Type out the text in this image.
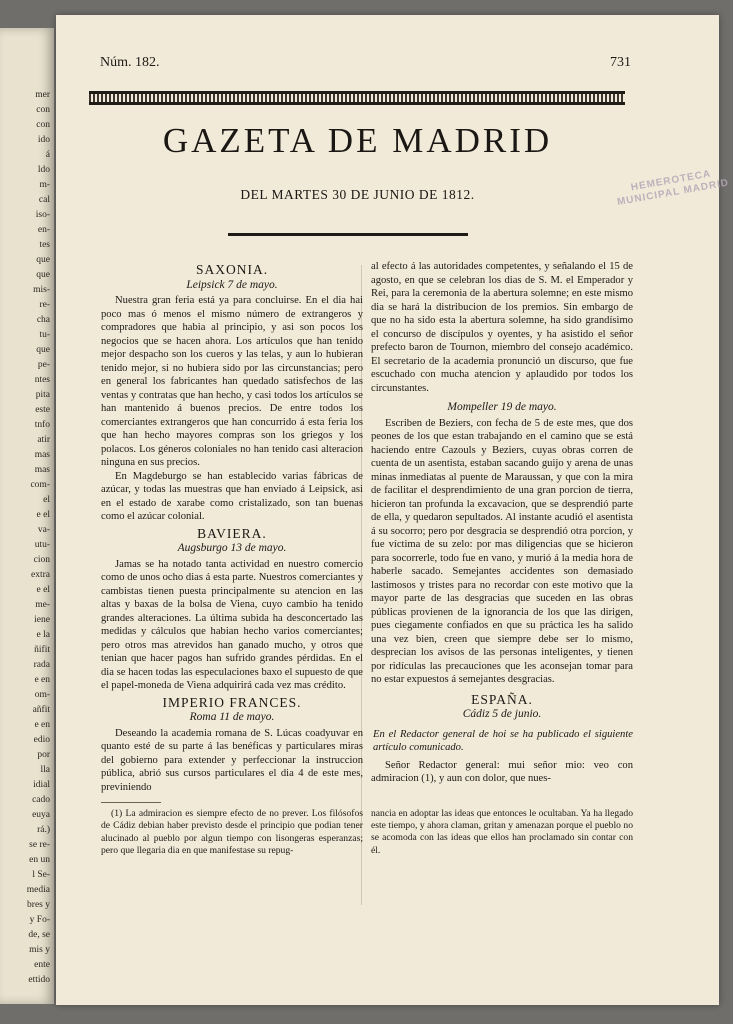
mer
con
con
ido
á
ldo
m-
cal
iso-
en-
tes
que
que
mis-
re-
cha
tu-
que
pe-
ntes
pita
este
tnfo
atir
mas
mas
com-
el
e el
va-
utu-
cion
extra
e el
me-
iene
e la
ñifit
rada
e en
om-
añfit
e en
edio
por
lla
idial
cado
euya
rá.)
se re-
en un
l Se-
media
bres y
y Fo-
de, se
mis y
ente
ettido
Núm. 182.	731
GAZETA DE MADRID
DEL MARTES 30 DE JUNIO DE 1812.
HEMEROTECA MUNICIPAL MADRID
SAXONIA.
Leipsick 7 de mayo.

Nuestra gran feria está ya para concluirse. En el dia hai poco mas ó menos el mismo número de extrangeros y compradores que habia al principio, y asi son pocos los negocios que se hacen ahora. Los artículos que han tenido mejor despacho son los cueros y las telas, y aun lo hubieran tenido mejor, si no hubiera sido por las circunstancias; pero en general los fabricantes han quedado satisfechos de las ventas y contratas que han hecho, y casi todos los artículos se han mantenido á buenos precios. De entre todos los comerciantes extrangeros que han concurrido á esta feria los que han hecho mayores compras son los griegos y los polacos. Los géneros coloniales no han tenido casi alteracion ninguna en sus precios.

En Magdeburgo se han establecido varias fábricas de azúcar, y todas las muestras que han enviado á Leipsick, asi en el estado de xarabe como cristalizado, son tan buenas como el azúcar colonial.

BAVIERA.
Augsburgo 13 de mayo.

Jamas se ha notado tanta actividad en nuestro comercio como de unos ocho dias á esta parte. Nuestros comerciantes y cambistas tienen puesta principalmente su atencion en las altas y baxas de la bolsa de Viena, cuyo cambio ha tenido grandes alteraciones. La última subida ha desconcertado las medidas y cálculos que habian hecho varios comerciantes; pero otros mas atrevidos han ganado mucho, y otros que tenian que hacer pagos han sufrido grandes pérdidas. En el dia se hacen todas las especulaciones baxo el supuesto de que el papel-moneda de Viena adquirirá cada vez mas crédito.

IMPERIO FRANCES.
Roma 11 de mayo.

Deseando la academia romana de S. Lúcas coadyuvar en quanto esté de su parte á las benéficas y particulares miras del gobierno para extender y perfeccionar la instruccion pública, abrió sus cursos particulares el dia 4 de este mes, previniendo

(1) La admiracion es siempre efecto de no prever. Los filósofos de Cádiz debian haber previsto desde el principio que podian tener alucinado al pueblo por algun tiempo con lisongeras esperanzas; pero que llegaria dia en que manifestase su repug-

al efecto á las autoridades competentes, y señalando el 15 de agosto, en que se celebran los dias de S. M. el Emperador y Rei, para la ceremonia de la abertura solemne; en este mismo dia se hará la distribucion de los premios. Sin embargo de que no ha sido esta la abertura solemne, ha sido grandísimo el concurso de discípulos y oyentes, y ha asistido el señor prefecto baron de Tournon, miembro del consejo académico. El secretario de la academia pronunció un discurso, que fue escuchado con mucha atencion y aplaudido por todos los circunstantes.

Mompeller 19 de mayo.

Escriben de Beziers, con fecha de 5 de este mes, que dos peones de los que estan trabajando en el camino que se está haciendo entre Cazouls y Beziers, cuyas obras corren de cuenta de un asentista, estaban sacando guijo y arena de unas minas inmediatas al puente de Maraussan, y que con la mira de facilitar el desprendimiento de una gran porcion de tierra, hicieron tan profunda la excavacion, que se desprendió parte de ella, y quedaron sepultados. Al instante acudió el asentista á su socorro; pero por desgracia se desprendió otra porcion, y fue víctima de su zelo: por mas diligencias que se hicieron para socorrerle, todo fue en vano, y murió á la media hora de haberle sacado. Semejantes accidentes son demasiado lastimosos y tristes para no recordar con este motivo que la mayor parte de las desgracias que suceden en las obras públicas provienen de la ignorancia de los que las dirigen, pues ciegamente confiados en que su práctica les ha salido una vez bien, creen que siempre debe ser lo mismo, desprecian los avisos de las personas inteligentes, y tienen por ridículas las precauciones que les aconsejan tomar para no estar expuestos á semejantes desgracias.

ESPAÑA.
Cádiz 5 de junio.
En el Redactor general de hoi se ha publicado el siguiente artículo comunicado.

Señor Redactor general: mui señor mio: veo con admiracion (1), y aun con dolor, que nues-

nancia en adoptar las ideas que entonces le ocultaban. Ya ha llegado este tiempo, y ahora claman, gritan y amenazan porque el pueblo no se acomoda con las ideas que ellos han proclamado sin contar con él.
